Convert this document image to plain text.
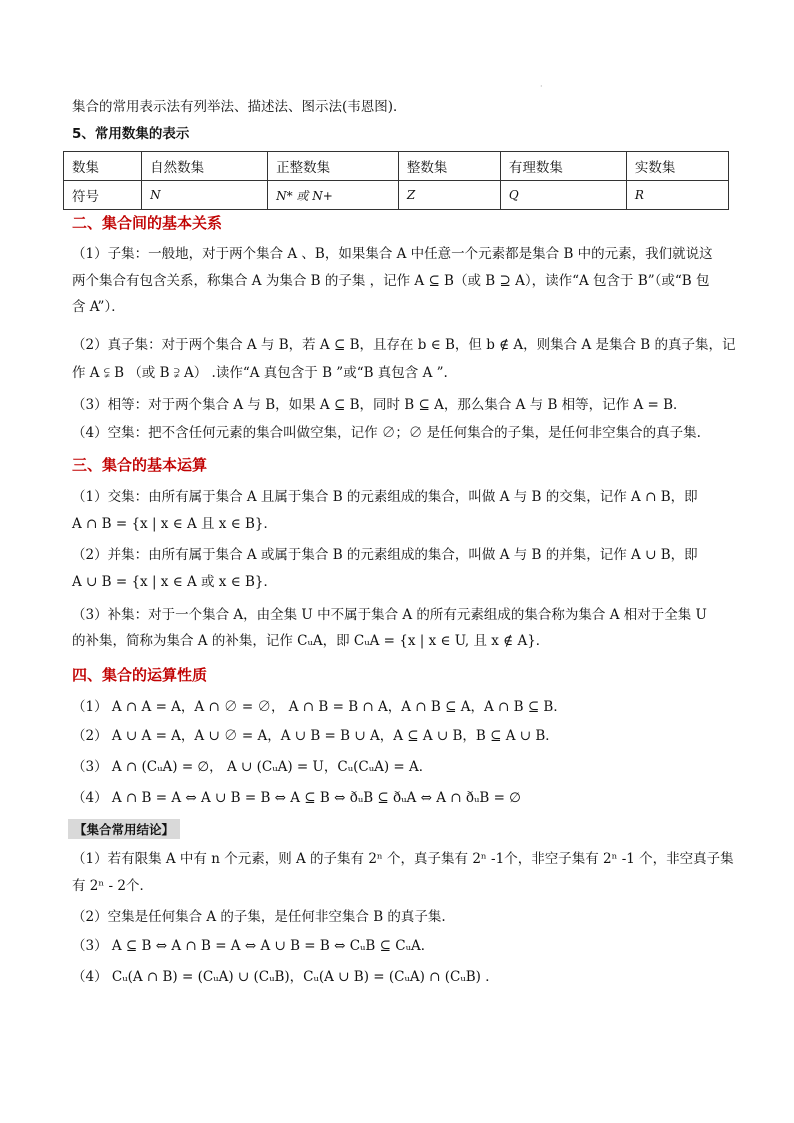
·
集合的常用表示法有列举法、描述法、图示法(韦恩图)．
5、常用数集的表示
数集	自然数集	正整数集	整数集	有理数集	实数集
符号	N	N* 或 N+	Z	Q	R
二、集合间的基本关系
（1）子集：一般地，对于两个集合 A 、B，如果集合 A 中任意一个元素都是集合 B 中的元素，我们就说这
两个集合有包含关系，称集合 A 为集合 B 的子集 ，记作 A ⊆ B（或 B ⊇ A），读作“A 包含于 B”（或“B 包
含 A”）．
（2）真子集：对于两个集合 A 与 B，若 A ⊆ B，且存在 b ∈ B，但 b ∉ A，则集合 A 是集合 B 的真子集，记
作 A ⫋ B （或 B ⫌ A） .读作“A 真包含于 B ”或“B 真包含 A ”.
（3）相等：对于两个集合 A 与 B，如果 A ⊆ B，同时 B ⊆ A，那么集合 A 与 B 相等，记作 A = B．
（4）空集：把不含任何元素的集合叫做空集，记作 ∅；∅ 是任何集合的子集，是任何非空集合的真子集.
三、集合的基本运算
（1）交集：由所有属于集合 A 且属于集合 B 的元素组成的集合，叫做 A 与 B 的交集，记作 A ∩ B，即
A ∩ B = {x | x ∈ A 且 x ∈ B}．
（2）并集：由所有属于集合 A 或属于集合 B 的元素组成的集合，叫做 A 与 B 的并集，记作 A ∪ B，即
A ∪ B = {x | x ∈ A 或 x ∈ B}．
（3）补集：对于一个集合 A，由全集 U 中不属于集合 A 的所有元素组成的集合称为集合 A 相对于全集 U
的补集，简称为集合 A 的补集，记作 CᵤA，即 CᵤA = {x | x ∈ U, 且 x ∉ A}．
四、集合的运算性质
（1） A ∩ A = A，A ∩ ∅ = ∅， A ∩ B = B ∩ A，A ∩ B ⊆ A，A ∩ B ⊆ B．
（2） A ∪ A = A，A ∪ ∅ = A，A ∪ B = B ∪ A，A ⊆ A ∪ B，B ⊆ A ∪ B．
（3） A ∩ (CᵤA) = ∅， A ∪ (CᵤA) = U，Cᵤ(CᵤA) = A．
（4） A ∩ B = A ⇔ A ∪ B = B ⇔ A ⊆ B ⇔ ðᵤB ⊆ ðᵤA ⇔ A ∩ ðᵤB = ∅
【集合常用结论】
（1）若有限集 A 中有 n 个元素，则 A 的子集有 2ⁿ 个，真子集有 2ⁿ -1个，非空子集有 2ⁿ -1 个，非空真子集
有 2ⁿ - 2个．
（2）空集是任何集合 A 的子集，是任何非空集合 B 的真子集.
（3） A ⊆ B ⇔ A ∩ B = A ⇔ A ∪ B = B ⇔ CᵤB ⊆ CᵤA．
（4） Cᵤ(A ∩ B) = (CᵤA) ∪ (CᵤB)，Cᵤ(A ∪ B) = (CᵤA) ∩ (CᵤB) ．
